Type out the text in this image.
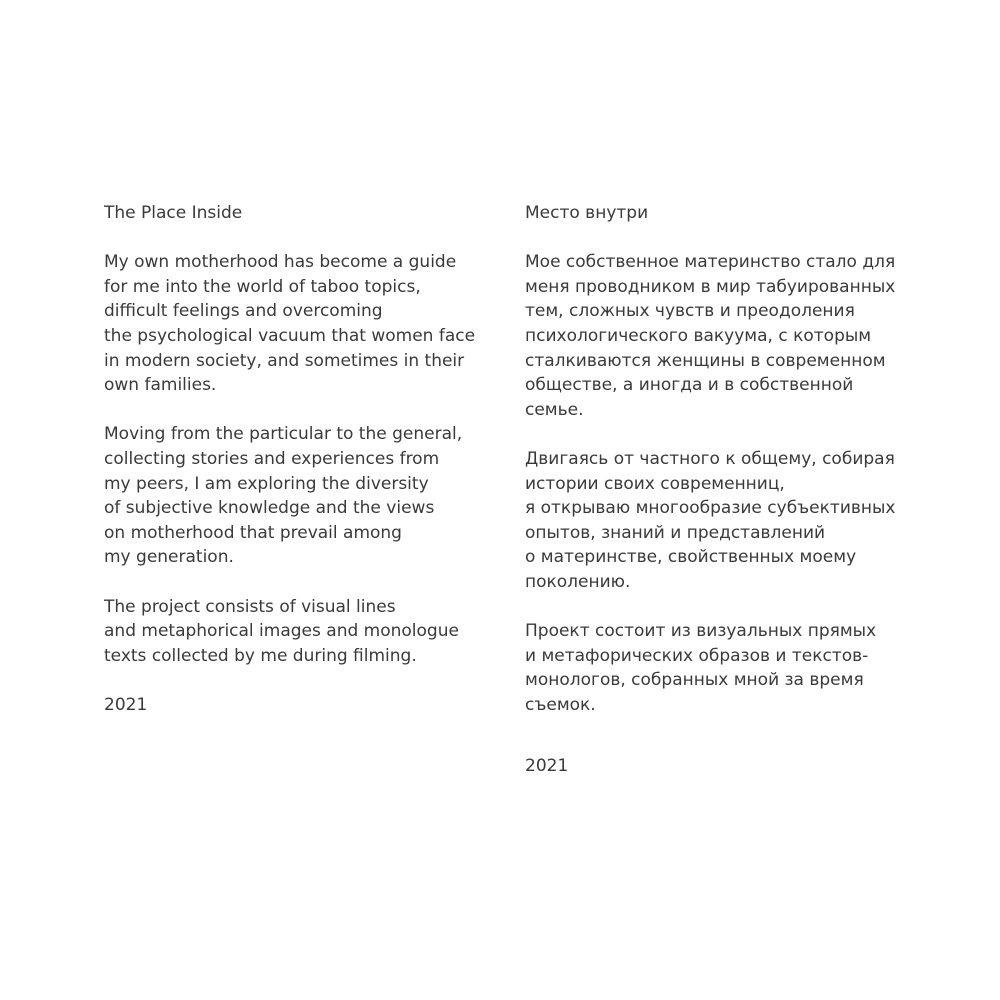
The Place Inside
My own motherhood has become a guide
for me into the world of taboo topics,
difficult feelings and overcoming
the psychological vacuum that women face
in modern society, and sometimes in their
own families.
Moving from the particular to the general,
collecting stories and experiences from
my peers, I am exploring the diversity
of subjective knowledge and the views
on motherhood that prevail among
my generation.
The project consists of visual lines
and metaphorical images and monologue
texts collected by me during filming.
2021
Место внутри
Мое собственное материнство стало для
меня проводником в мир табуированных
тем, сложных чувств и преодоления
психологического вакуума, с которым
сталкиваются женщины в современном
обществе, а иногда и в собственной
семье.
Двигаясь от частного к общему, собирая
истории своих современниц,
я открываю многообразие субъективных
опытов, знаний и представлений
о материнстве, свойственных моему
поколению.
Проект состоит из визуальных прямых
и метафорических образов и текстов-
монологов, собранных мной за время
съемок.
2021
